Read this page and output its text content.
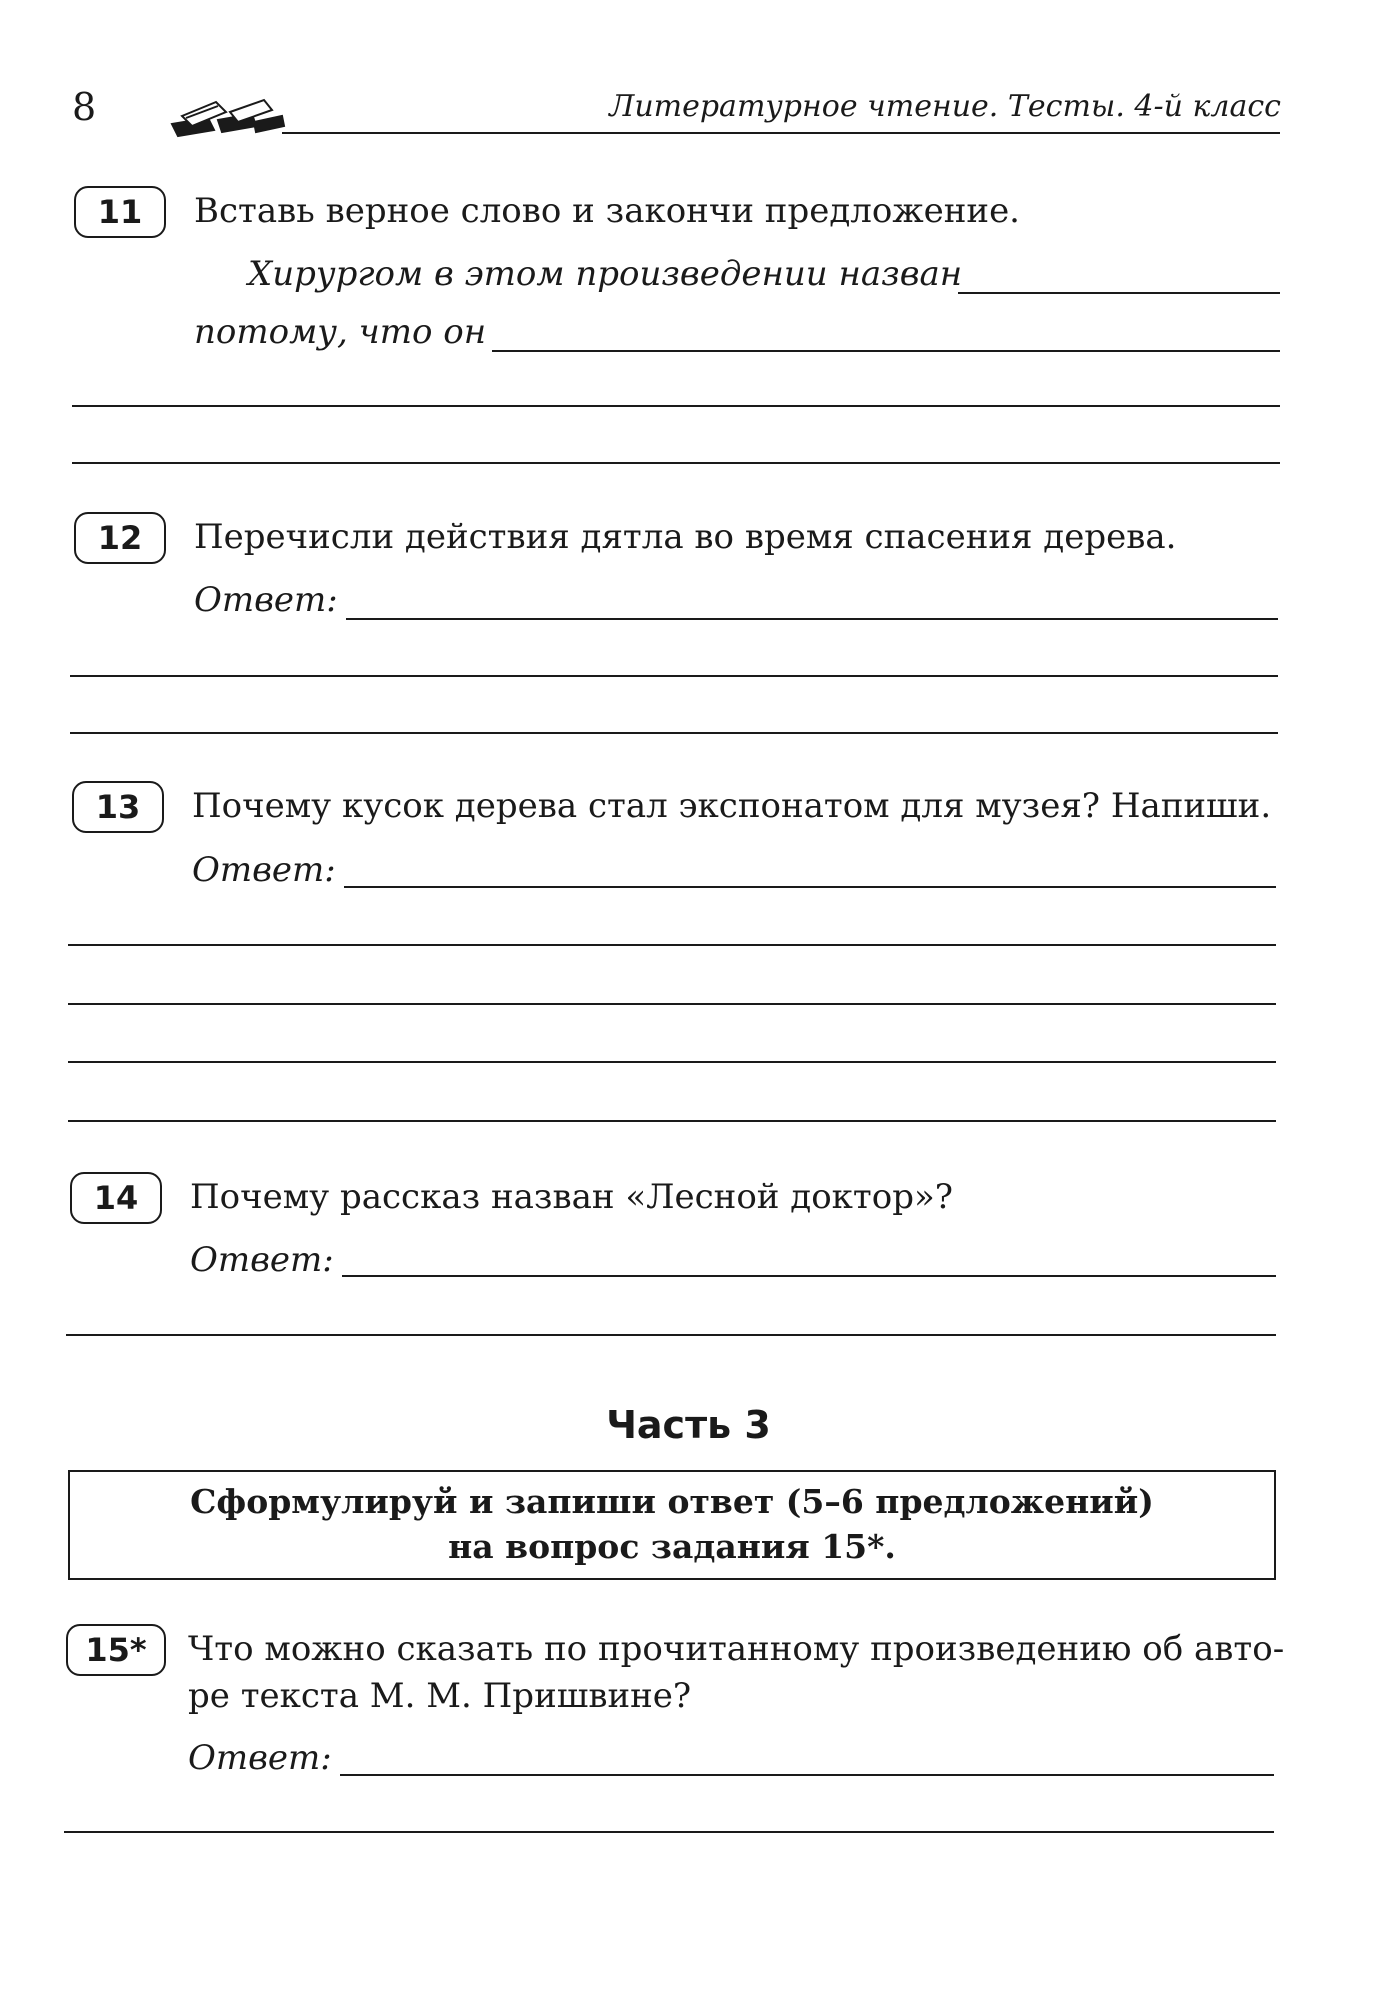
8	Литературное чтение. Тесты. 4-й класс
11	Вставь верное слово и закончи предложение.
Хирургом в этом произведении назван
потому, что он
12	Перечисли действия дятла во время спасения дерева.
Ответ:
13	Почему кусок дерева стал экспонатом для музея? Напиши.
Ответ:
14	Почему рассказ назван «Лесной доктор»?
Ответ:
Часть 3
Сформулируй и запиши ответ (5–6 предложений)
на вопрос задания 15*.
15*	Что можно сказать по прочитанному произведению об авто-
ре текста М. М. Пришвине?
Ответ:
